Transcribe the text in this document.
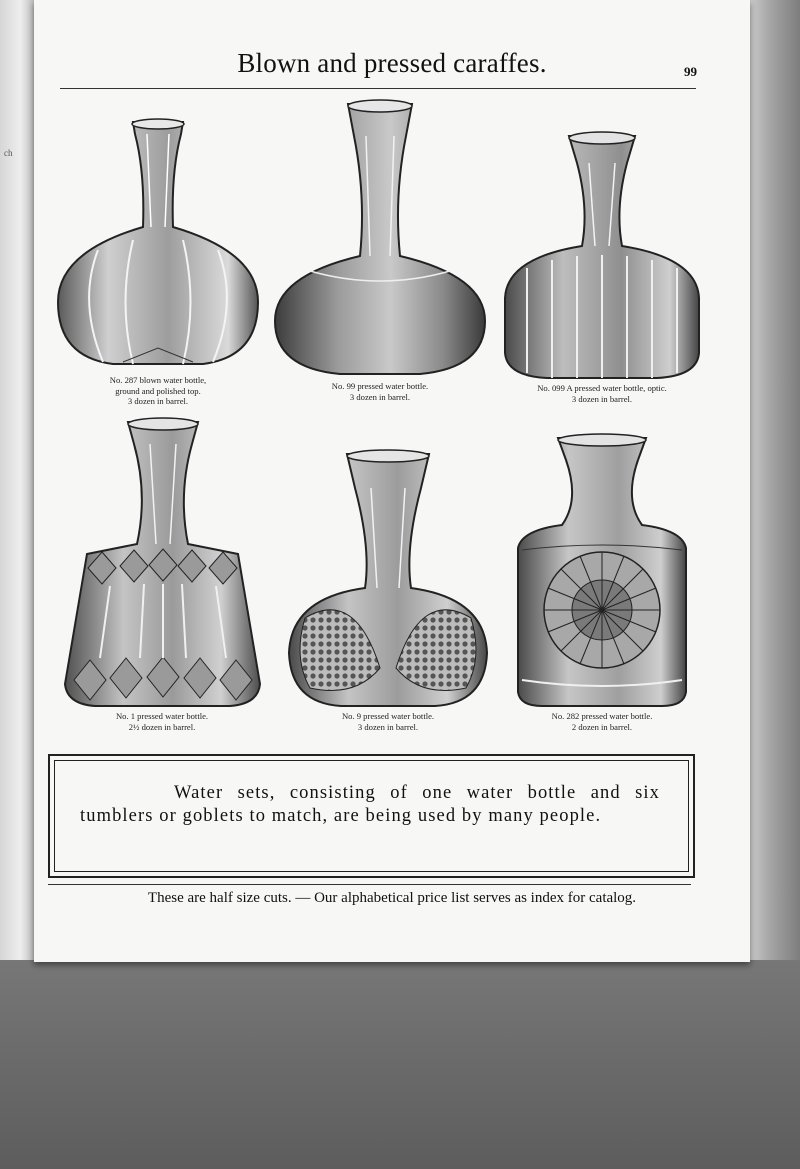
ch
Blown and pressed caraffes.	99
No. 287 blown water bottle,
ground and polished top.
3 dozen in barrel.
No. 99 pressed water bottle.
3 dozen in barrel.
No. 099 A pressed water bottle, optic.
3 dozen in barrel.
No. 1 pressed water bottle.
2½ dozen in barrel.
No. 9 pressed water bottle.
3 dozen in barrel.
No. 282 pressed water bottle.
2 dozen in barrel.
Water sets, consisting of one water bottle and six tumblers or goblets to match, are being used by many people.
These are half size cuts. — Our alphabetical price list serves as index for catalog.
